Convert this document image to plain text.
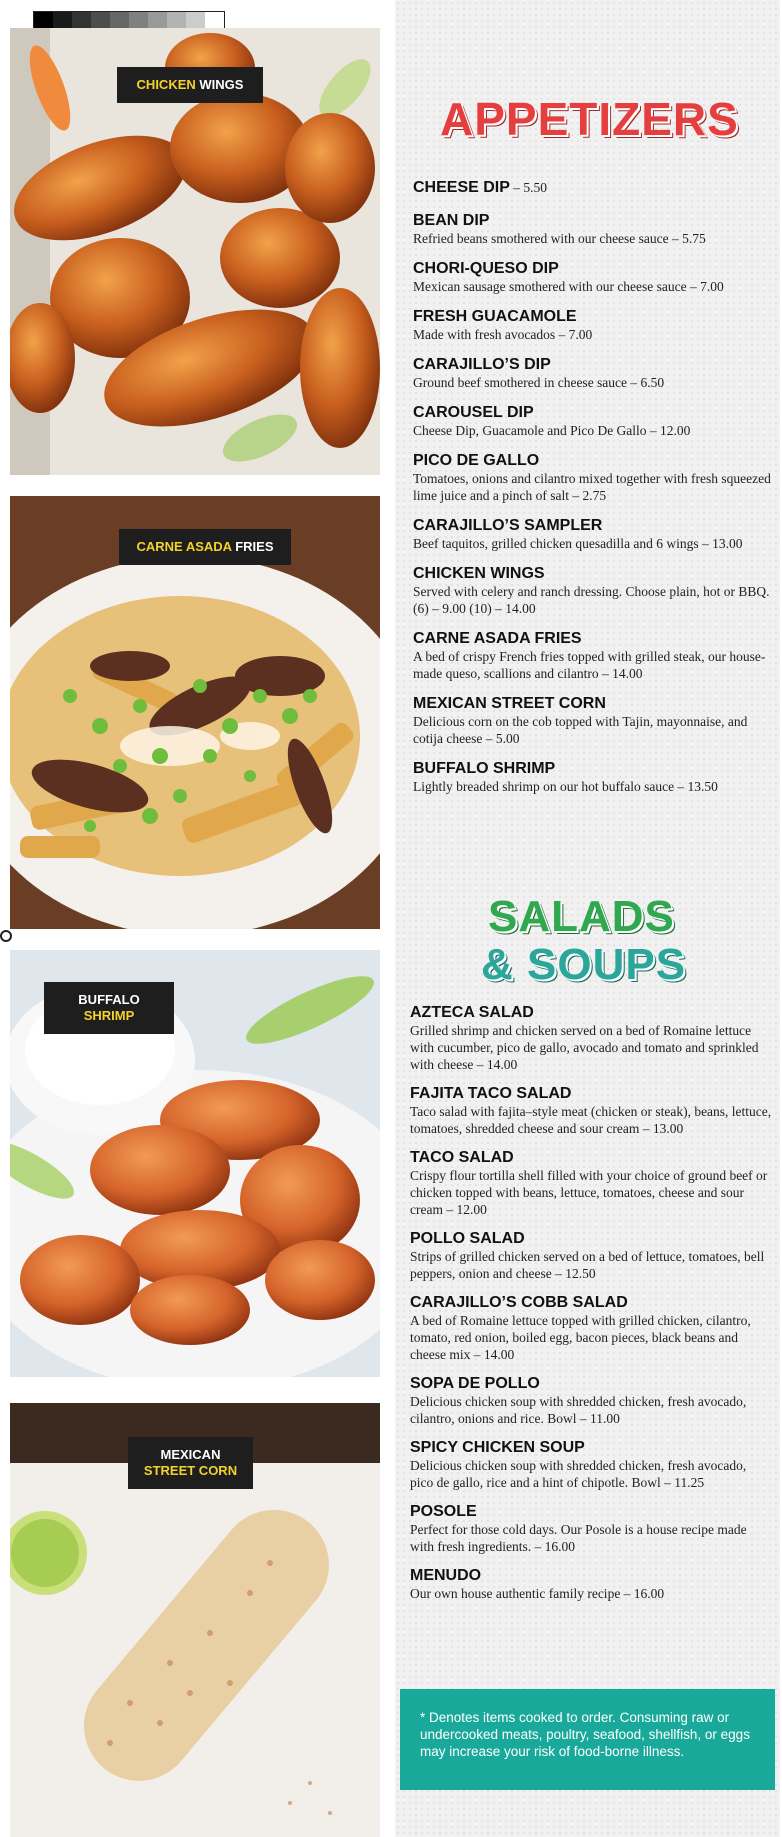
CHICKEN WINGS
CARNE ASADA FRIES
BUFFALO
SHRIMP
MEXICAN
STREET CORN
APPETIZERS
CHEESE DIP – 5.50
BEAN DIP
Refried beans smothered with our cheese sauce – 5.75
CHORI-QUESO DIP
Mexican sausage smothered with our cheese sauce – 7.00
FRESH GUACAMOLE
Made with fresh avocados – 7.00
CARAJILLO’S DIP
Ground beef smothered in cheese sauce – 6.50
CAROUSEL DIP
Cheese Dip, Guacamole and Pico De Gallo – 12.00
PICO DE GALLO
Tomatoes, onions and cilantro mixed together with fresh squeezed lime juice and a pinch of salt – 2.75
CARAJILLO’S SAMPLER
Beef taquitos, grilled chicken quesadilla and 6 wings – 13.00
CHICKEN WINGS
Served with celery and ranch dressing. Choose plain, hot or BBQ. (6) – 9.00 (10) – 14.00
CARNE ASADA FRIES
A bed of crispy French fries topped with grilled steak, our house-made queso, scallions and cilantro – 14.00
MEXICAN STREET CORN
Delicious corn on the cob topped with Tajin, mayonnaise, and cotija cheese – 5.00
BUFFALO SHRIMP
Lightly breaded shrimp on our hot buffalo sauce – 13.50
SALADS
& SOUPS
AZTECA SALAD
Grilled shrimp and chicken served on a bed of Romaine lettuce with cucumber, pico de gallo, avocado and tomato and sprinkled with cheese – 14.00
FAJITA TACO SALAD
Taco salad with fajita–style meat (chicken or steak), beans, lettuce, tomatoes, shredded cheese and sour cream – 13.00
TACO SALAD
Crispy flour tortilla shell filled with your choice of ground beef or chicken topped with beans, lettuce, tomatoes, cheese and sour cream – 12.00
POLLO SALAD
Strips of grilled chicken served on a bed of lettuce, tomatoes, bell peppers, onion and cheese – 12.50
CARAJILLO’S COBB SALAD
A bed of Romaine lettuce topped with grilled chicken, cilantro, tomato, red onion, boiled egg, bacon pieces, black beans and cheese mix – 14.00
SOPA DE POLLO
Delicious chicken soup with shredded chicken, fresh avocado, cilantro, onions and rice. Bowl – 11.00
SPICY CHICKEN SOUP
Delicious chicken soup with shredded chicken, fresh avocado, pico de gallo, rice and a hint of chipotle. Bowl – 11.25
POSOLE
Perfect for those cold days. Our Posole is a house recipe made with fresh ingredients. – 16.00
MENUDO
Our own house authentic family recipe – 16.00
* Denotes items cooked to order. Consuming raw or undercooked meats, poultry, seafood, shellfish, or eggs may increase your risk of food-borne illness.
